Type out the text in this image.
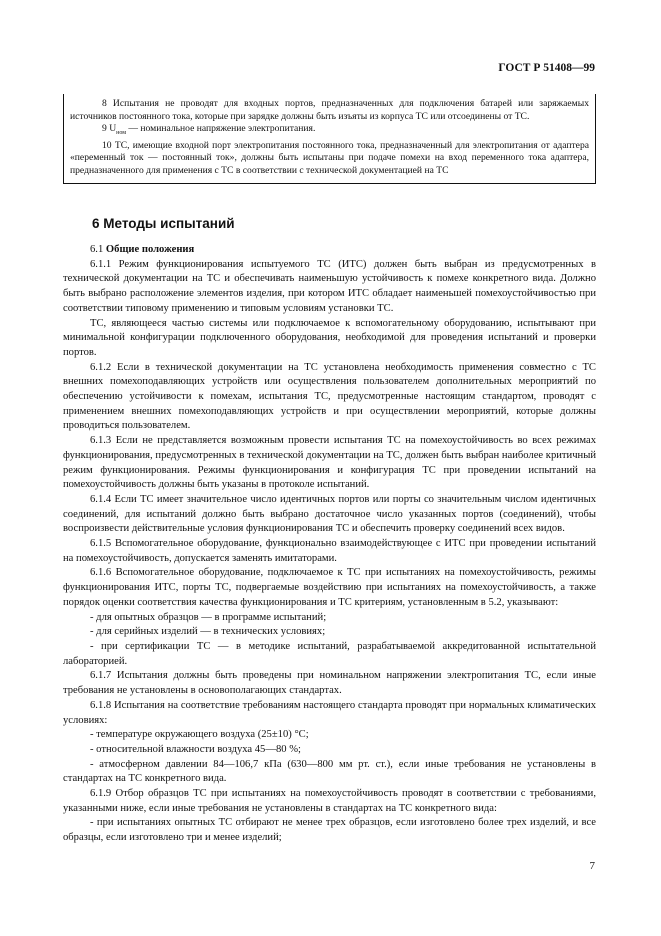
ГОСТ Р 51408—99

8 Испытания не проводят для входных портов, предназначенных для подключения батарей или заряжаемых источников постоянного тока, которые при зарядке должны быть изъяты из корпуса ТС или отсоединены от ТС.

9 $U_{ном}$ — номинальное напряжение электропитания.

10 ТС, имеющие входной порт электропитания постоянного тока, предназначенный для электропитания от адаптера «переменный ток — постоянный ток», должны быть испытаны при подаче помехи на вход переменного тока адаптера, предназначенного для применения с ТС в соответствии с технической документацией на ТС

6 Методы испытаний

6.1 Общие положения

6.1.1 Режим функционирования испытуемого ТС (ИТС) должен быть выбран из предусмотренных в технической документации на ТС и обеспечивать наименьшую устойчивость к помехе конкретного вида. Должно быть выбрано расположение элементов изделия, при котором ИТС обладает наименьшей помехоустойчивостью при соответствии типовому применению и типовым условиям установки ТС.

ТС, являющееся частью системы или подключаемое к вспомогательному оборудованию, испытывают при минимальной конфигурации подключенного оборудования, необходимой для проведения испытаний и проверки портов.

6.1.2 Если в технической документации на ТС установлена необходимость применения совместно с ТС внешних помехоподавляющих устройств или осуществления пользователем дополнительных мероприятий по обеспечению устойчивости к помехам, испытания ТС, предусмотренные настоящим стандартом, проводят с применением внешних помехоподавляющих устройств и при осуществлении мероприятий, которые должны проводиться пользователем.

6.1.3 Если не представляется возможным провести испытания ТС на помехоустойчивость во всех режимах функционирования, предусмотренных в технической документации на ТС, должен быть выбран наиболее критичный режим функционирования. Режимы функционирования и конфигурация ТС при проведении испытаний на помехоустойчивость должны быть указаны в протоколе испытаний.

6.1.4 Если ТС имеет значительное число идентичных портов или порты со значительным числом идентичных соединений, для испытаний должно быть выбрано достаточное число указанных портов (соединений), чтобы воспроизвести действительные условия функционирования ТС и обеспечить проверку соединений всех видов.

6.1.5 Вспомогательное оборудование, функционально взаимодействующее с ИТС при проведении испытаний на помехоустойчивость, допускается заменять имитаторами.

6.1.6 Вспомогательное оборудование, подключаемое к ТС при испытаниях на помехоустойчивость, режимы функционирования ИТС, порты ТС, подвергаемые воздействию при испытаниях на помехоустойчивость, а также порядок оценки соответствия качества функционирования и ТС критериям, установленным в 5.2, указывают:

- для опытных образцов — в программе испытаний;

- для серийных изделий — в технических условиях;

- при сертификации ТС — в методике испытаний, разрабатываемой аккредитованной испытательной лабораторией.

6.1.7 Испытания должны быть проведены при номинальном напряжении электропитания ТС, если иные требования не установлены в основополагающих стандартах.

6.1.8 Испытания на соответствие требованиям настоящего стандарта проводят при нормальных климатических условиях:

- температуре окружающего воздуха (25±10) °С;

- относительной влажности воздуха 45—80 %;

- атмосферном давлении 84—106,7 кПа (630—800 мм рт. ст.), если иные требования не установлены в стандартах на ТС конкретного вида.

6.1.9 Отбор образцов ТС при испытаниях на помехоустойчивость проводят в соответствии с требованиями, указанными ниже, если иные требования не установлены в стандартах на ТС конкретного вида:

- при испытаниях опытных ТС отбирают не менее трех образцов, если изготовлено более трех изделий, и все образцы, если изготовлено три и менее изделий;

7
